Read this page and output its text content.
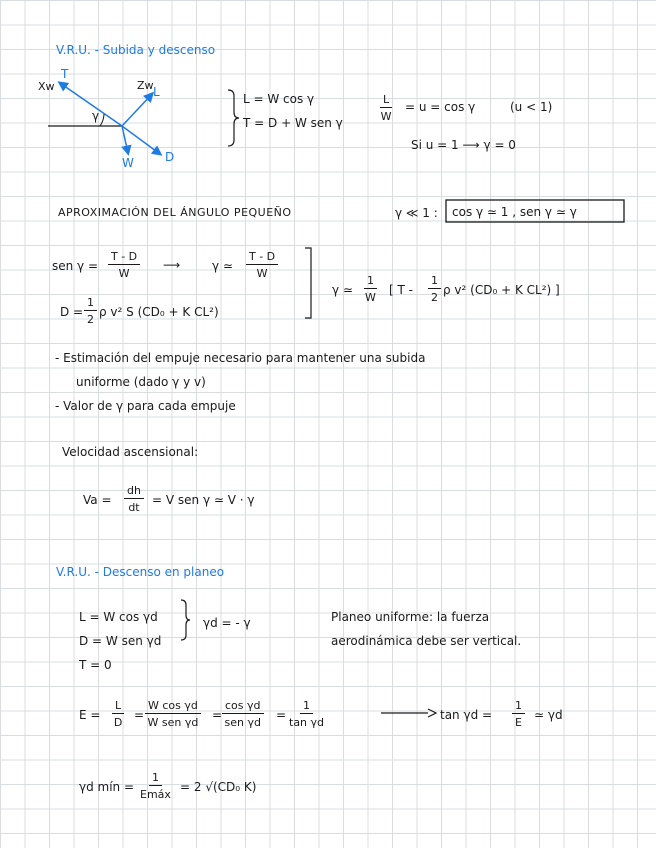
V.R.U. - Subida y descenso
Xw
T
Zw L
γ
W	D
L = W cos γ
T = D + W sen γ
$\frac{L}{W} = u = \cos \gamma$	(u < 1)
Si u = 1 ⟶ γ = 0
APROXIMACIÓN DEL ÁNGULO PEQUEÑO	γ ≪ 1 : cos γ ≃ 1 , sen γ ≃ γ
sen $\gamma = \frac{T - D}{W}$ ⟶	γ ≃ $\frac{T - D}{W}$
$D = \frac{1}{2}$ ρ v² S (CD₀ + K CL²)
γ ≃ $\frac{1}{W}$ [ T - $\frac{1}{2}$ ρ v² (CD₀ + K CL²) ]
- Estimación del empuje necesario para mantener una subida
uniforme (dado γ y v)
- Valor de γ para cada empuje
Velocidad ascensional:
$Va = \frac{dh}{dt} = V$ sen γ ≃ V · γ
V.R.U. - Descenso en planeo
L = W cos γd
D = W sen γd
T = 0
γd = - γ	Planeo uniforme: la fuerza
aerodinámica debe ser vertical.
$E = \frac{L}{D}$ =
W cos γd
W sen γd
=
cos γd
sen γd
= $\frac{1}{\text{tan γd}}$	$\tan \gamma d = \frac{1}{E}$ ≃ γd
γd mín =
1
Emáx
= 2 √(CD₀ K)
